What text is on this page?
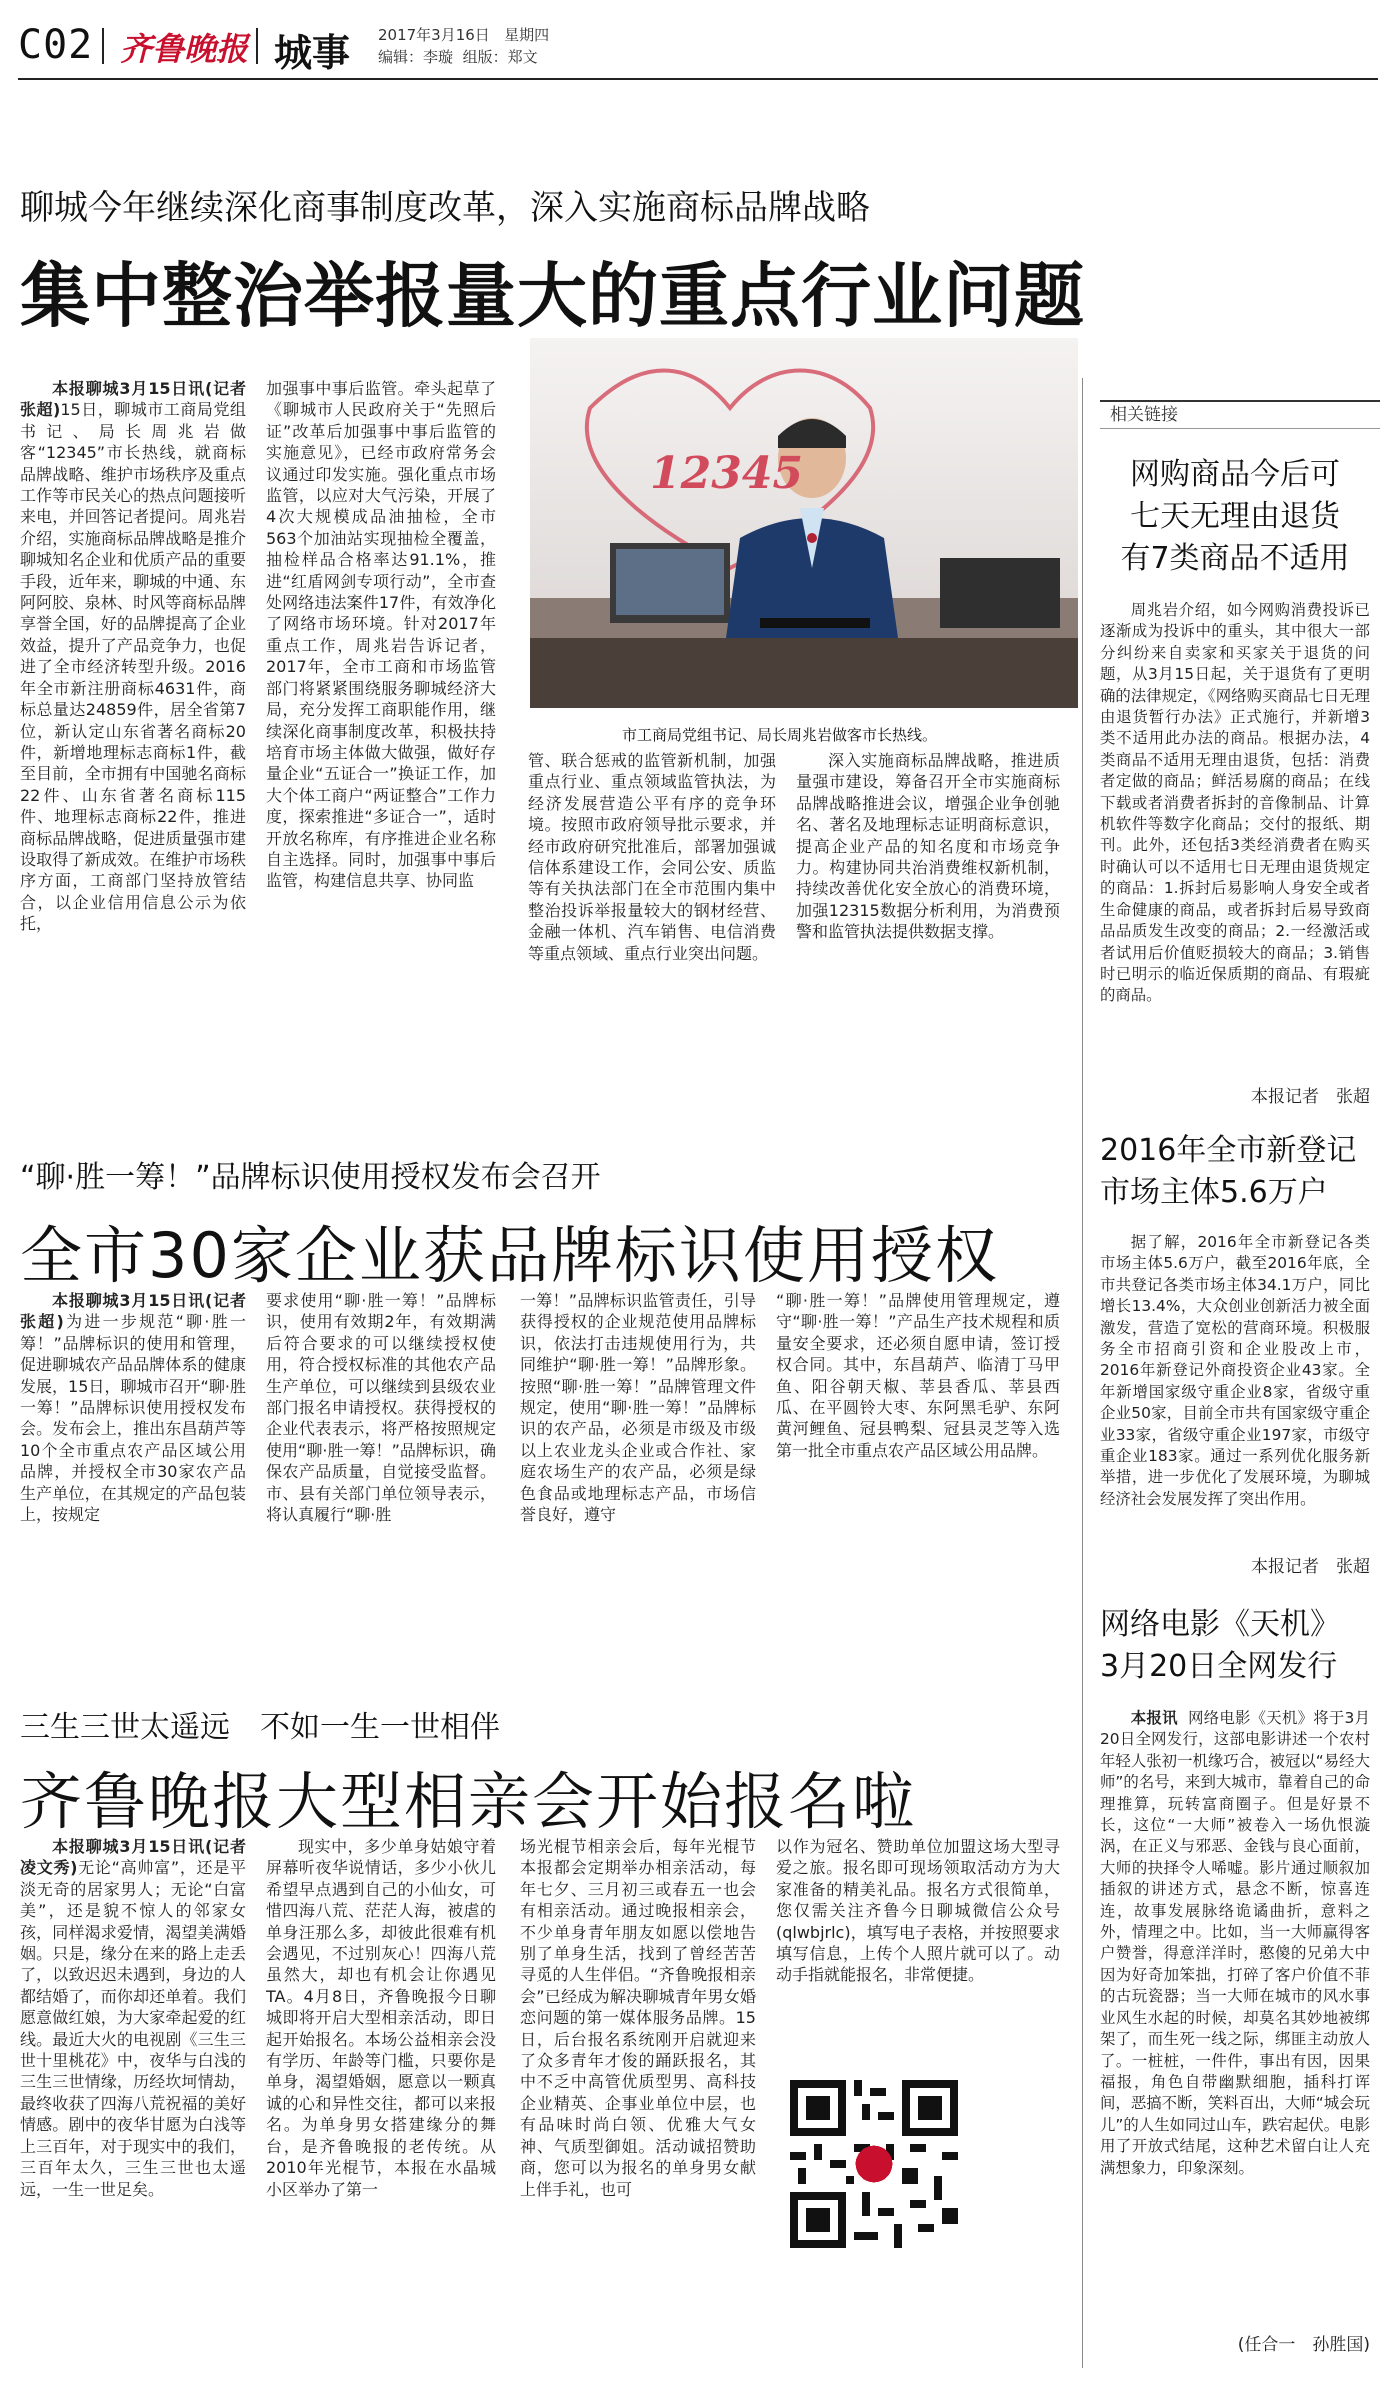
C02 齐鲁晚报 城事 2017年3月16日 星期四
编辑：李璇 组版：郑文
聊城今年继续深化商事制度改革，深入实施商标品牌战略
集中整治举报量大的重点行业问题

本报聊城3月15日讯(记者 张超)15日，聊城市工商局党组书记、局长周兆岩做客“12345”市长热线，就商标品牌战略、维护市场秩序及重点工作等市民关心的热点问题接听来电，并回答记者提问。周兆岩介绍，实施商标品牌战略是推介聊城知名企业和优质产品的重要手段，近年来，聊城的中通、东阿阿胶、泉林、时风等商标品牌享誉全国，好的品牌提高了企业效益，提升了产品竞争力，也促进了全市经济转型升级。2016年全市新注册商标4631件，商标总量达24859件，居全省第7位，新认定山东省著名商标20件，新增地理标志商标1件，截至目前，全市拥有中国驰名商标22件、山东省著名商标115件、地理标志商标22件，推进商标品牌战略，促进质量强市建设取得了新成效。在维护市场秩序方面，工商部门坚持放管结合，以企业信用信息公示为依托，

加强事中事后监管。牵头起草了《聊城市人民政府关于“先照后证”改革后加强事中事后监管的实施意见》，已经市政府常务会议通过印发实施。强化重点市场监管，以应对大气污染，开展了4次大规模成品油抽检，全市563个加油站实现抽检全覆盖，抽检样品合格率达91.1%，推进“红盾网剑专项行动”，全市查处网络违法案件17件，有效净化了网络市场环境。针对2017年重点工作，周兆岩告诉记者，2017年，全市工商和市场监管部门将紧紧围绕服务聊城经济大局，充分发挥工商职能作用，继续深化商事制度改革，积极扶持培育市场主体做大做强，做好存量企业“五证合一”换证工作，加大个体工商户“两证整合”工作力度，探索推进“多证合一”，适时开放名称库，有序推进企业名称自主选择。同时，加强事中事后监管，构建信息共享、协同监

12345
市工商局党组书记、局长周兆岩做客市长热线。

管、联合惩戒的监管新机制，加强重点行业、重点领域监管执法，为经济发展营造公平有序的竞争环境。按照市政府领导批示要求，并经市政府研究批准后，部署加强诚信体系建设工作，会同公安、质监等有关执法部门在全市范围内集中整治投诉举报量较大的钢材经营、金融一体机、汽车销售、电信消费等重点领域、重点行业突出问题。

深入实施商标品牌战略，推进质量强市建设，筹备召开全市实施商标品牌战略推进会议，增强企业争创驰名、著名及地理标志证明商标意识，提高企业产品的知名度和市场竞争力。构建协同共治消费维权新机制，持续改善优化安全放心的消费环境，加强12315数据分析利用，为消费预警和监管执法提供数据支撑。

“聊·胜一筹！”品牌标识使用授权发布会召开
全市30家企业获品牌标识使用授权

本报聊城3月15日讯(记者 张超)为进一步规范“聊·胜一筹！”品牌标识的使用和管理，促进聊城农产品品牌体系的健康发展，15日，聊城市召开“聊·胜一筹！”品牌标识使用授权发布会。发布会上，推出东昌葫芦等10个全市重点农产品区域公用品牌，并授权全市30家农产品生产单位，在其规定的产品包装上，按规定

要求使用“聊·胜一筹！”品牌标识，使用有效期2年，有效期满后符合要求的可以继续授权使用，符合授权标准的其他农产品生产单位，可以继续到县级农业部门报名申请授权。获得授权的企业代表表示，将严格按照规定使用“聊·胜一筹！”品牌标识，确保农产品质量，自觉接受监督。市、县有关部门单位领导表示，将认真履行“聊·胜

一筹！”品牌标识监管责任，引导获得授权的企业规范使用品牌标识，依法打击违规使用行为，共同维护“聊·胜一筹！”品牌形象。按照“聊·胜一筹！”品牌管理文件规定，使用“聊·胜一筹！”品牌标识的农产品，必须是市级及市级以上农业龙头企业或合作社、家庭农场生产的农产品，必须是绿色食品或地理标志产品，市场信誉良好，遵守

“聊·胜一筹！”品牌使用管理规定，遵守“聊·胜一筹！”产品生产技术规程和质量安全要求，还必须自愿申请，签订授权合同。其中，东昌葫芦、临清丁马甲鱼、阳谷朝天椒、莘县香瓜、莘县西瓜、在平圆铃大枣、东阿黑毛驴、东阿黄河鲤鱼、冠县鸭梨、冠县灵芝等入选第一批全市重点农产品区域公用品牌。

三生三世太遥远　不如一生一世相伴
齐鲁晚报大型相亲会开始报名啦

本报聊城3月15日讯(记者 凌文秀)无论“高帅富”，还是平淡无奇的居家男人；无论“白富美”，还是貌不惊人的邻家女孩，同样渴求爱情，渴望美满婚姻。只是，缘分在来的路上走丢了，以致迟迟未遇到，身边的人都结婚了，而你却还单着。我们愿意做红娘，为大家牵起爱的红线。最近大火的电视剧《三生三世十里桃花》中，夜华与白浅的三生三世情缘，历经坎坷情劫，最终收获了四海八荒祝福的美好情感。剧中的夜华甘愿为白浅等上三百年，对于现实中的我们，三百年太久，三生三世也太遥远，一生一世足矣。

现实中，多少单身姑娘守着屏幕听夜华说情话，多少小伙儿希望早点遇到自己的小仙女，可惜四海八荒、茫茫人海，被虐的单身汪那么多，却彼此很难有机会遇见，不过别灰心！四海八荒虽然大，却也有机会让你遇见TA。4月8日，齐鲁晚报今日聊城即将开启大型相亲活动，即日起开始报名。本场公益相亲会没有学历、年龄等门槛，只要你是单身，渴望婚姻，愿意以一颗真诚的心和异性交往，都可以来报名。为单身男女搭建缘分的舞台，是齐鲁晚报的老传统。从2010年光棍节，本报在水晶城小区举办了第一

场光棍节相亲会后，每年光棍节本报都会定期举办相亲活动，每年七夕、三月初三或春五一也会有相亲活动。通过晚报相亲会，不少单身青年朋友如愿以偿地告别了单身生活，找到了曾经苦苦寻觅的人生伴侣。“齐鲁晚报相亲会”已经成为解决聊城青年男女婚恋问题的第一媒体服务品牌。15日，后台报名系统刚开启就迎来了众多青年才俊的踊跃报名，其中不乏中高管优质型男、高科技企业精英、企事业单位中层，也有品味时尚白领、优雅大气女神、气质型御姐。活动诚招赞助商，您可以为报名的单身男女献上伴手礼，也可

以作为冠名、赞助单位加盟这场大型寻爱之旅。报名即可现场领取活动方为大家准备的精美礼品。报名方式很简单，您仅需关注齐鲁今日聊城微信公众号(qlwbjrlc)，填写电子表格，并按照要求填写信息，上传个人照片就可以了。动动手指就能报名，非常便捷。

相关链接
网购商品今后可
七天无理由退货
有7类商品不适用

周兆岩介绍，如今网购消费投诉已逐渐成为投诉中的重头，其中很大一部分纠纷来自卖家和买家关于退货的问题，从3月15日起，关于退货有了更明确的法律规定，《网络购买商品七日无理由退货暂行办法》正式施行，并新增3类不适用此办法的商品。根据办法，4类商品不适用无理由退货，包括：消费者定做的商品；鲜活易腐的商品；在线下载或者消费者拆封的音像制品、计算机软件等数字化商品；交付的报纸、期刊。此外，还包括3类经消费者在购买时确认可以不适用七日无理由退货规定的商品：1.拆封后易影响人身安全或者生命健康的商品，或者拆封后易导致商品品质发生改变的商品；2.一经激活或者试用后价值贬损较大的商品；3.销售时已明示的临近保质期的商品、有瑕疵的商品。

本报记者　张超
2016年全市新登记
市场主体5.6万户

据了解，2016年全市新登记各类市场主体5.6万户，截至2016年底，全市共登记各类市场主体34.1万户，同比增长13.4%，大众创业创新活力被全面激发，营造了宽松的营商环境。积极服务全市招商引资和企业股改上市，2016年新登记外商投资企业43家。全年新增国家级守重企业8家，省级守重企业50家，目前全市共有国家级守重企业33家，省级守重企业197家，市级守重企业183家。通过一系列优化服务新举措，进一步优化了发展环境，为聊城经济社会发展发挥了突出作用。

本报记者　张超
网络电影《天机》
3月20日全网发行

本报讯 网络电影《天机》将于3月20日全网发行，这部电影讲述一个农村年轻人张初一机缘巧合，被冠以“易经大师”的名号，来到大城市，靠着自己的命理推算，玩转富商圈子。但是好景不长，这位“一大师”被卷入一场仇恨漩涡，在正义与邪恶、金钱与良心面前，大师的抉择令人唏嘘。影片通过顺叙加插叙的讲述方式，悬念不断，惊喜连连，故事发展脉络诡谲曲折，意料之外，情理之中。比如，当一大师赢得客户赞誉，得意洋洋时，憨傻的兄弟大中因为好奇加笨拙，打碎了客户价值不菲的古玩瓷器；当一大师在城市的风水事业风生水起的时候，却莫名其妙地被绑架了，而生死一线之际，绑匪主动放人了。一桩桩，一件件，事出有因，因果福报，角色自带幽默细胞，插科打诨间，恶搞不断，笑料百出，大师“城会玩儿”的人生如同过山车，跌宕起伏。电影用了开放式结尾，这种艺术留白让人充满想象力，印象深刻。

(任合一　孙胜国)
